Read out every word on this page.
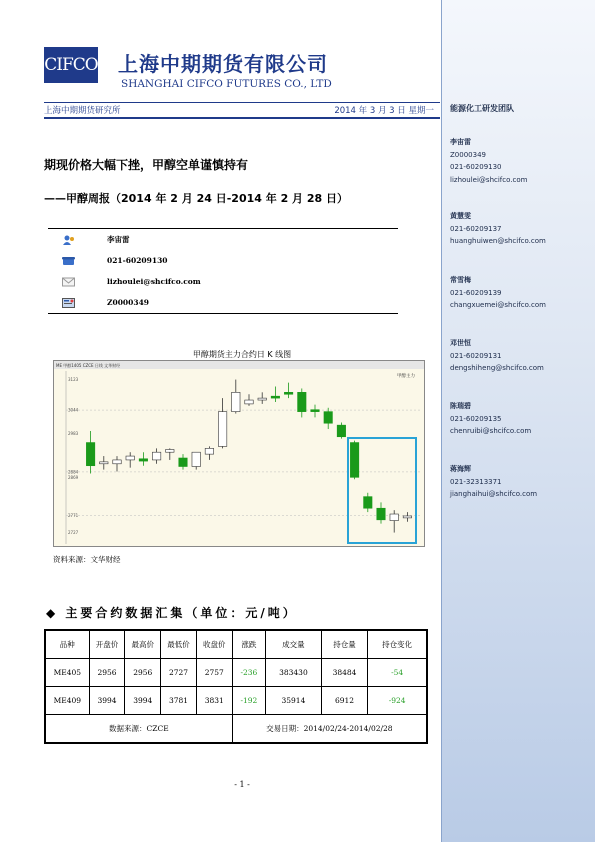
能源化工研发团队
李宙雷
Z0000349
021-60209130
lizhoulei@shcifco.com
黄慧雯
021-60209137
huanghuiwen@shcifco.com
常雪梅
021-60209139
changxuemei@shcifco.com
邓世恒
021-60209131
dengshiheng@shcifco.com
陈瑞碧
021-60209135
chenruibi@shcifco.com
蒋海辉
021-32313371
jianghaihui@shcifco.com
CIFCO 上海中期期货有限公司
SHANGHAI CIFCO FUTURES CO., LTD
上海中期期货研究所	2014 年 3 月 3 日 星期一
期现价格大幅下挫，甲醇空单谨慎持有
——甲醇周报（2014 年 2 月 24 日-2014 年 2 月 28 日）
李宙雷
021-60209130
lizhoulei@shcifco.com
Z0000349
甲醇期货主力合约日 K 线图
ME 甲醇1405 CZCE 日线 文华财经
甲醇主力
3123
3044
2983
2884
2869
2771
2727
资料来源：文华财经
◆ 主要合约数据汇集（单位：元/吨）
品种	开盘价	最高价	最低价	收盘价	涨跌	成交量	持仓量	持仓变化
ME405	2956	2956	2727	2757	-236	383430	38484	-54
ME409	3994	3994	3781	3831	-192	35914	6912	-924
数据来源：CZCE					交易日期：2014/02/24-2014/02/28			
- 1 -
